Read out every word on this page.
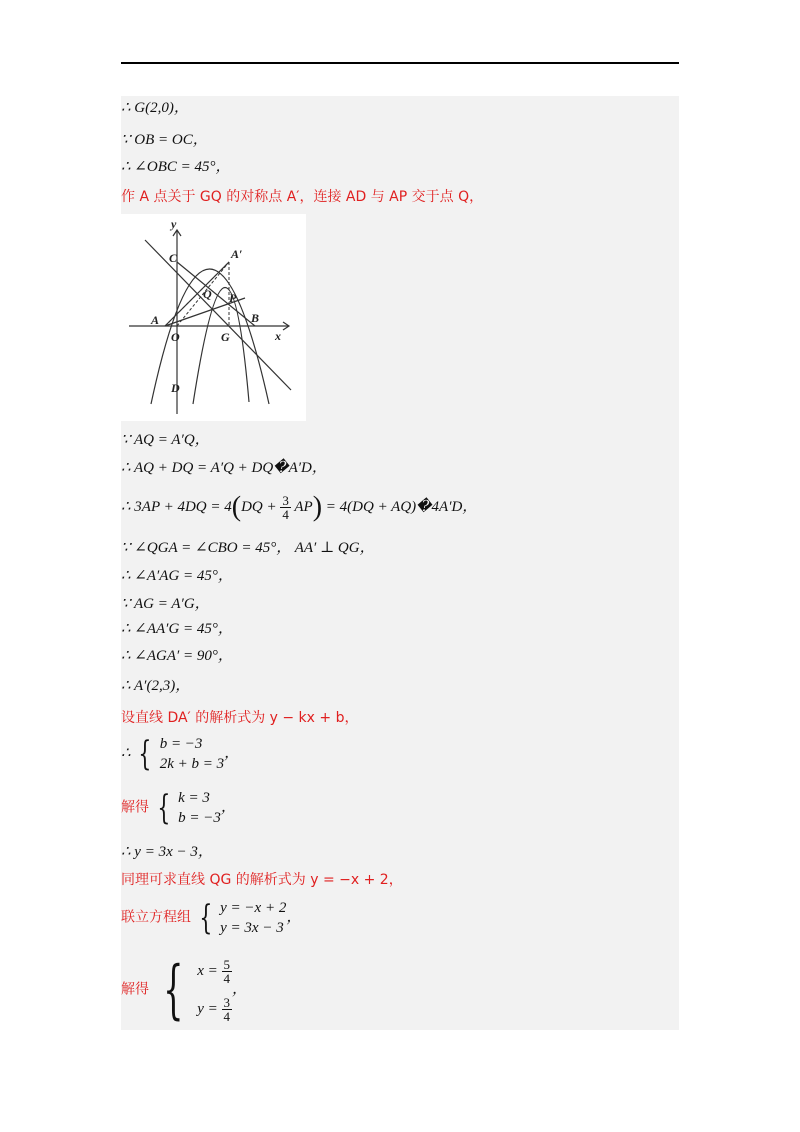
∴ G(2,0)，
∵ OB = OC，
∴ ∠OBC = 45°，
作 A 点关于 GQ 的对称点 A′，连接 AD 与 AP 交于点 Q，
y
x
C	A′
Q P
A	B
O	G
D
∵ AQ = A′Q，
∴ AQ + DQ = A′Q + DQ�A′D，
∴ $3AP + 4DQ = 4(DQ + \frac{3}{4} AP) = 4(DQ$ + AQ)�4A′D，
∵ ∠QGA = ∠CBO = 45°， AA′ ⊥ QG，
∴ ∠A′AG = 45°，
∵ AG = A′G，
∴ ∠AA′G = 45°，
∴ ∠AGA′ = 90°，
∴ A′(2,3)，
设直线 DA′ 的解析式为 y − kx + b，
∴ { b = −3
2k + b = 3
，
解得 { k = 3
b = −3
，
∴ y = 3x − 3，
同理可求直线 QG 的解析式为 y = −x + 2，
联立方程组 { y = −x + 2
y = 3x − 3
，
解得 { $x = \frac{5}{4}$
$y = \frac{3}{4}$
，
